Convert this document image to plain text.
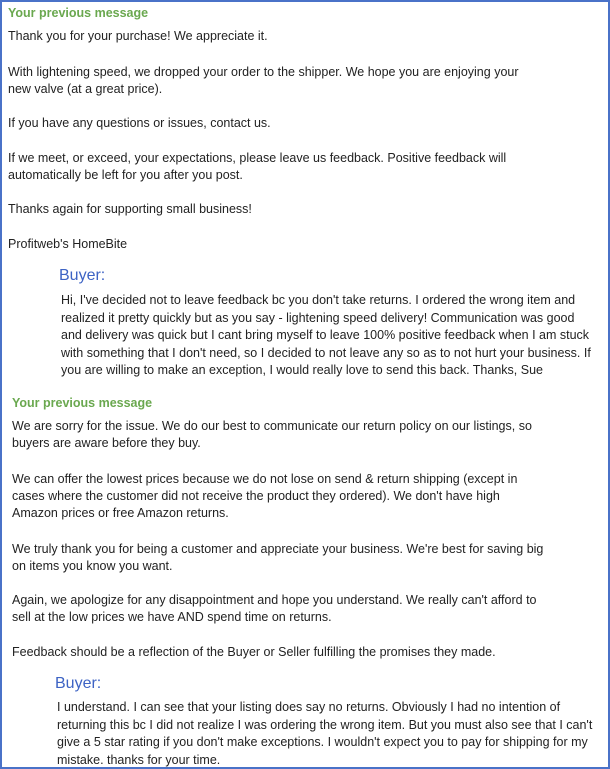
Your previous message

Thank you for your purchase! We appreciate it.

With lightening speed, we dropped your order to the shipper. We hope you are enjoying your
new valve (at a great price).

If you have any questions or issues, contact us.

If we meet, or exceed, your expectations, please leave us feedback. Positive feedback will
automatically be left for you after you post.

Thanks again for supporting small business!

Profitweb's HomeBite

Buyer:

Hi, I've decided not to leave feedback bc you don't take returns. I ordered the wrong item and
realized it pretty quickly but as you say - lightening speed delivery! Communication was good
and delivery was quick but I cant bring myself to leave 100% positive feedback when I am stuck
with something that I don't need, so I decided to not leave any so as to not hurt your business. If
you are willing to make an exception, I would really love to send this back. Thanks, Sue

Your previous message

We are sorry for the issue. We do our best to communicate our return policy on our listings, so
buyers are aware before they buy.

We can offer the lowest prices because we do not lose on send & return shipping (except in
cases where the customer did not receive the product they ordered). We don't have high
Amazon prices or free Amazon returns.

We truly thank you for being a customer and appreciate your business. We're best for saving big
on items you know you want.

Again, we apologize for any disappointment and hope you understand. We really can't afford to
sell at the low prices we have AND spend time on returns.

Feedback should be a reflection of the Buyer or Seller fulfilling the promises they made.

Buyer:

I understand. I can see that your listing does say no returns. Obviously I had no intention of
returning this bc I did not realize I was ordering the wrong item. But you must also see that I can't
give a 5 star rating if you don't make exceptions. I wouldn't expect you to pay for shipping for my
mistake. thanks for your time.
